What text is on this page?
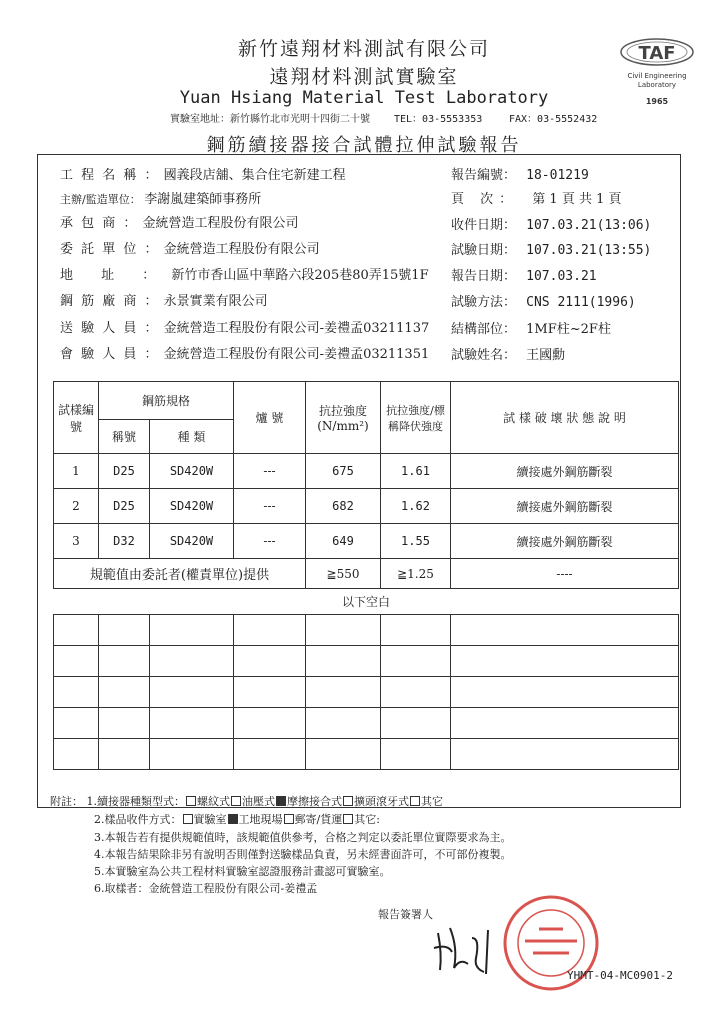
新竹遠翔材料測試有限公司
遠翔材料測試實驗室
Yuan Hsiang Material Test Laboratory
實驗室地址：新竹縣竹北市光明十四街二十號 TEL：03-5553353	FAX：03-5552432
TAF
Civil Engineering
Laboratory
1965
鋼筋續接器接合試體拉伸試驗報告
工 程 名 稱 ： 國義段店舖、集合住宅新建工程
主辦/監造單位： 李謝嵐建築師事務所
承 包 商 ： 金統營造工程股份有限公司
委 託 單 位 ： 金統營造工程股份有限公司
地 址 ： 新竹市香山區中華路六段205巷80弄15號1F
鋼 筋 廠 商 ： 永景實業有限公司
送 驗 人 員 ： 金統營造工程股份有限公司-姜禮孟03211137
會 驗 人 員 ： 金統營造工程股份有限公司-姜禮孟03211351
報告編號： 18-01219
頁 次： 第 1 頁 共 1 頁
收件日期： 107.03.21(13:06)
試驗日期： 107.03.21(13:55)
報告日期： 107.03.21
試驗方法： CNS 2111(1996)
結構部位： 1MF柱~2F柱
試驗姓名： 王國勳
試樣編號	鋼筋規格		爐 號	抗拉強度
(N/mm²)	抗拉強度/標稱降伏強度	試 樣 破 壞 狀 態 說 明
	稱號	種 類				
1	D25	SD420W	---	675	1.61	續接處外鋼筋斷裂
2	D25	SD420W	---	682	1.62	續接處外鋼筋斷裂
3	D32	SD420W	---	649	1.55	續接處外鋼筋斷裂
規範值由委託者(權責單位)提供				≧550	≧1.25	----
以下空白						

附註： 1.續接器種類型式： 螺紋式 油壓式 摩擦接合式 擴頭滾牙式 其它
2.樣品收件方式： 實驗室 工地現場 郵寄/貨運 其它:
3.本報告若有提供規範值時，該規範值供參考，合格之判定以委託單位實際要求為主。
4.本報告結果除非另有說明否則僅對送驗樣品負責，另未經書面許可，不可部份複製。
5.本實驗室為公共工程材料實驗室認證服務計畫認可實驗室。
6.取樣者：金統營造工程股份有限公司-姜禮孟
報告簽署人
YHMT-04-MC0901-2
